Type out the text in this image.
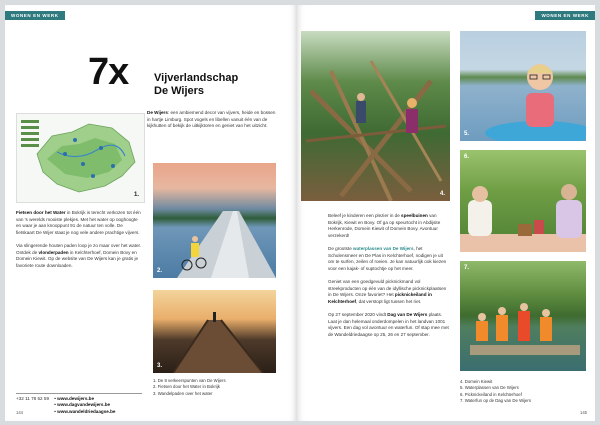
WONEN EN WERK
7x Vijverlandschap
De Wijers
De Wijers: een ambiemend decor van vijvers, heide en bossen in hartje Limburg. Spot vogels en libellen vanuit één van de kijkhutten of bekijk de uitkijktoren en geniet van het uitzicht.
1.
Fietsen door het Water in Bokrijk is terecht verkozen tot één van 's werelds mooiste plekjes. Met het water op ooghoogte en waar je aan knooppunt 91 de natuur ten volle. De fietskaart De Wijer staat je nog vele andere prachtige vijvers.

Via slingerende houten paden loop je zo maar over het water. Ontdek de vlonderpaden in Kelchterhoef, Domein Bovy en Domein Kiewit. Op de website van De Wijers kan je gratis je favoriete route downloaden.
2.
3.
1. De 8 verkeerspunten van De Wijers
2. Fietsen door het Water in Bokrijk
3. Wandelpaden over het water
+32 11 78 52 59 • www.dewijers.be
• www.dagvandewijers.be
• www.wandeldriedaagse.be
144
WONEN EN WERK
4.
5.
6.
7.
Beleef je kinderen een plezier in de speelbuinen van Bokrijk, Kiewit en Bovy. Of ga op speurtocht in Abdijsite Herkenrode, Domein Kiewit of Domein Bovy. Avontuur verzekerd!

De grootste waterplassen van De Wijers, het Schulensmeer en De Plas in Kelchterhoef, nodigen je uit om te surfen, zeilen of roeien. Je kan natuurlijk ook kiezen voor een kajak- of suptochtje op het meer.

Geniet van een goedgevuld picknickmand vol streekproducten op één van de idyllische picknickplaatsen in De Wijers. Onze favoriet? Het picknickeiland in Kelchterhoef, dat verstopt ligt tussen het riet.

Op 27 september 2020 vindt Dag van De Wijers plaats. Laat je dan helemaal onderdompelen in het landvan 1001 vijvers. Een dag vol avontuur en waterfun. Of stap mee met de Wandeldriedaagse op 25, 26 en 27 september.
4. Domein Kiewit
5. Waterplassen van De Wijers
6. Picknickeiland in Kelchterhoef
7. Waterfun op de Dag van De Wijers
145
